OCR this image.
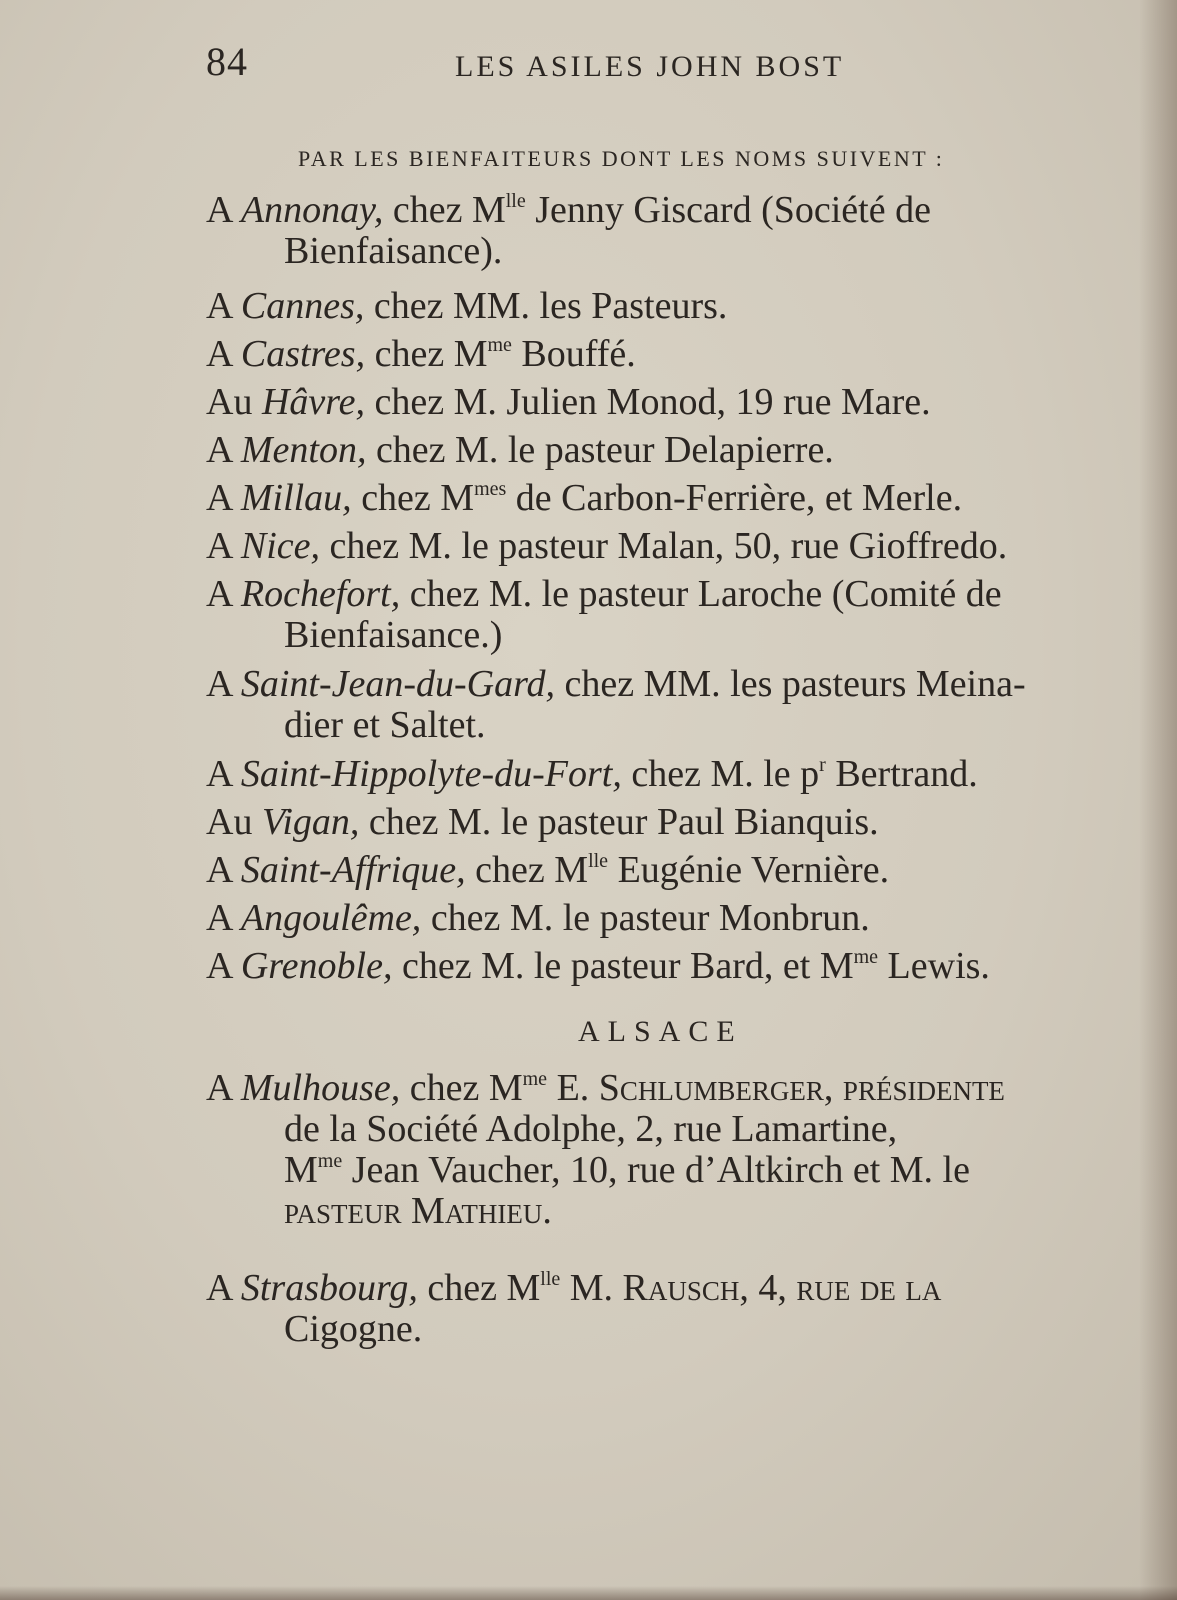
84	LES ASILES JOHN BOST
PAR LES BIENFAITEURS DONT LES NOMS SUIVENT :
A Annonay, chez $M^{lle}$ Jenny Giscard (Société de
Bienfaisance).
A Cannes, chez MM. les Pasteurs.
A Castres, chez $M^{me}$ Bouffé.
Au Hâvre, chez M. Julien Monod, 19 rue Mare.
A Menton, chez M. le pasteur Delapierre.
A Millau, chez $M^{mes}$ de Carbon-Ferrière, et Merle.
A Nice, chez M. le pasteur Malan, 50, rue Gioffredo.
A Rochefort, chez M. le pasteur Laroche (Comité de
Bienfaisance.)
A Saint-Jean-du-Gard, chez MM. les pasteurs Meina-
dier et Saltet.
A Saint-Hippolyte-du-Fort, chez M. le $p^r$ Bertrand.
Au Vigan, chez M. le pasteur Paul Bianquis.
A Saint-Affrique, chez $M^{lle}$ Eugénie Vernière.
A Angoulême, chez M. le pasteur Monbrun.
A Grenoble, chez M. le pasteur Bard, et $M^{me}$ Lewis.
ALSACE
A Mulhouse, chez $M^{me}$ E. Schlumberger, présidente
de la Société Adolphe, 2, rue Lamartine,
$M^{me}$ Jean Vaucher, 10, rue d’Altkirch et M. le
pasteur Mathieu.
A Strasbourg, chez $M^{lle}$ M. Rausch, 4, rue de la
Cigogne.
